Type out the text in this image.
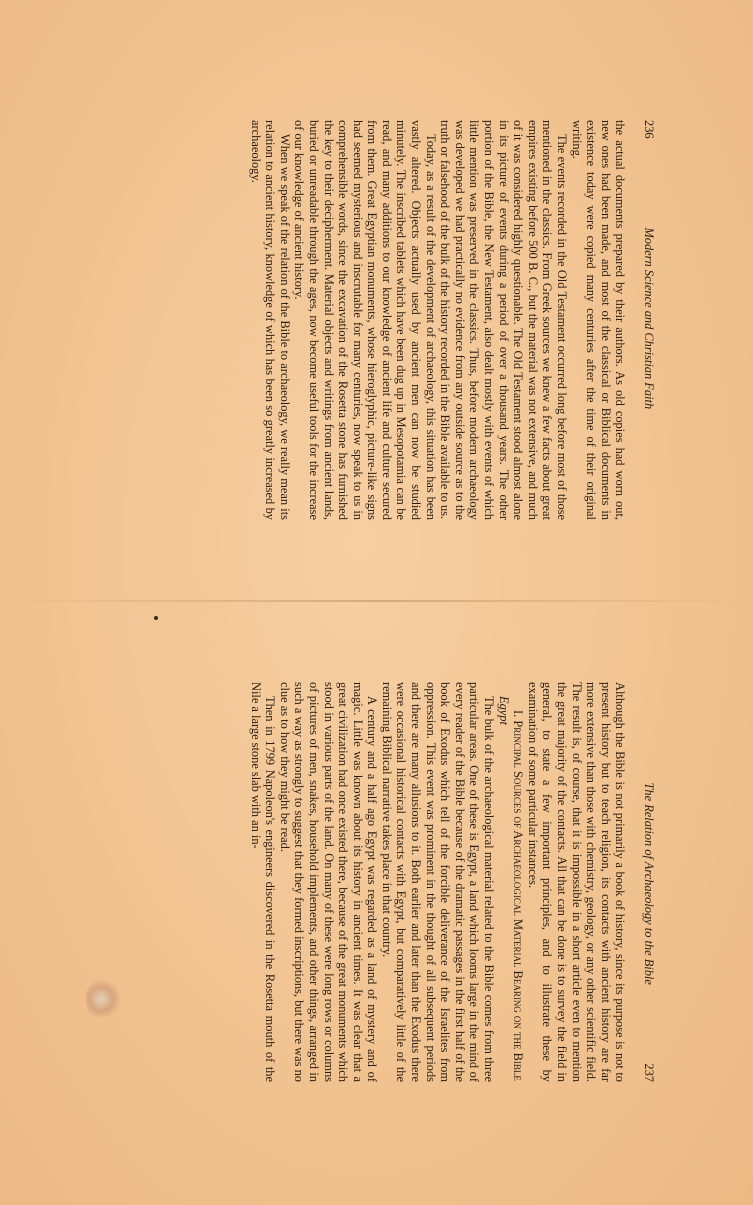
236
Modern Science and Christian Faith

the actual documents prepared by their authors. As old copies had worn out, new ones had been made, and most of the classical or Biblical documents in existence today were copied many centuries after the time of their original writing.

The events recorded in the Old Testament occurred long before most of those mentioned in the classics. From Greek sources we knew a few facts about great empires existing before 500 B. C., but the material was not extensive, and much of it was considered highly questionable. The Old Testament stood almost alone in its picture of events during a period of over a thousand years. The other portion of the Bible, the New Testament, also dealt mostly with events of which little mention was preserved in the classics. Thus, before modern archaeology was developed we had practically no evidence from any outside source as to the truth or falsehood of the bulk of the history recorded in the Bible available to us.

Today, as a result of the development of archaeology, this situation has been vastly altered. Objects actually used by ancient men can now be studied minutely. The inscribed tablets which have been dug up in Mesopotamia can be read, and many additions to our knowledge of ancient life and culture secured from them. Great Egyptian monuments, whose hieroglyphic, picture-like signs had seemed mysterious and inscrutable for many centuries, now speak to us in comprehensible words, since the excavation of the Rosetta stone has furnished the key to their decipherment. Material objects and writings from ancient lands, buried or unreadable through the ages, now become useful tools for the increase of our knowledge of ancient history.

When we speak of the relation of the Bible to archaeology, we really mean its relation to ancient history, knowledge of which has been so greatly increased by archaeology.

The Relation of Archaeology to the Bible
237

Although the Bible is not primarily a book of history, since its purpose is not to present history but to teach religion, its contacts with ancient history are far more extensive than those with chemistry, geology, or any other scientific field. The result is, of course, that it is impossible in a short article even to mention the great majority of the contacts. All that can be done is to survey the field in general, to state a few important principles, and to illustrate these by examination of some particular instances.

I. Principal Sources of Archaeological Material Bearing on the Bible

Egypt

The bulk of the archaeological material related to the Bible comes from three particular areas. One of these is Egypt, a land which looms large in the mind of every reader of the Bible because of the dramatic passages in the first half of the book of Exodus which tell of the forcible deliverance of the Israelites from oppression. This event was prominent in the thought of all subsequent periods and there are many allusions to it. Both earlier and later than the Exodus there were occasional historical contacts with Egypt, but comparatively little of the remaining Biblical narrative takes place in that country.

A century and a half ago Egypt was regarded as a land of mystery and of magic. Little was known about its history in ancient times. It was clear that a great civilization had once existed there, because of the great monuments which stood in various parts of the land. On many of these were long rows or columns of pictures of men, snakes, household implements, and other things, arranged in such a way as strongly to suggest that they formed inscriptions, but there was no clue as to how they might be read.

Then in 1799 Napoleon's engineers discovered in the Rosetta mouth of the Nile a large stone slab with an in-
